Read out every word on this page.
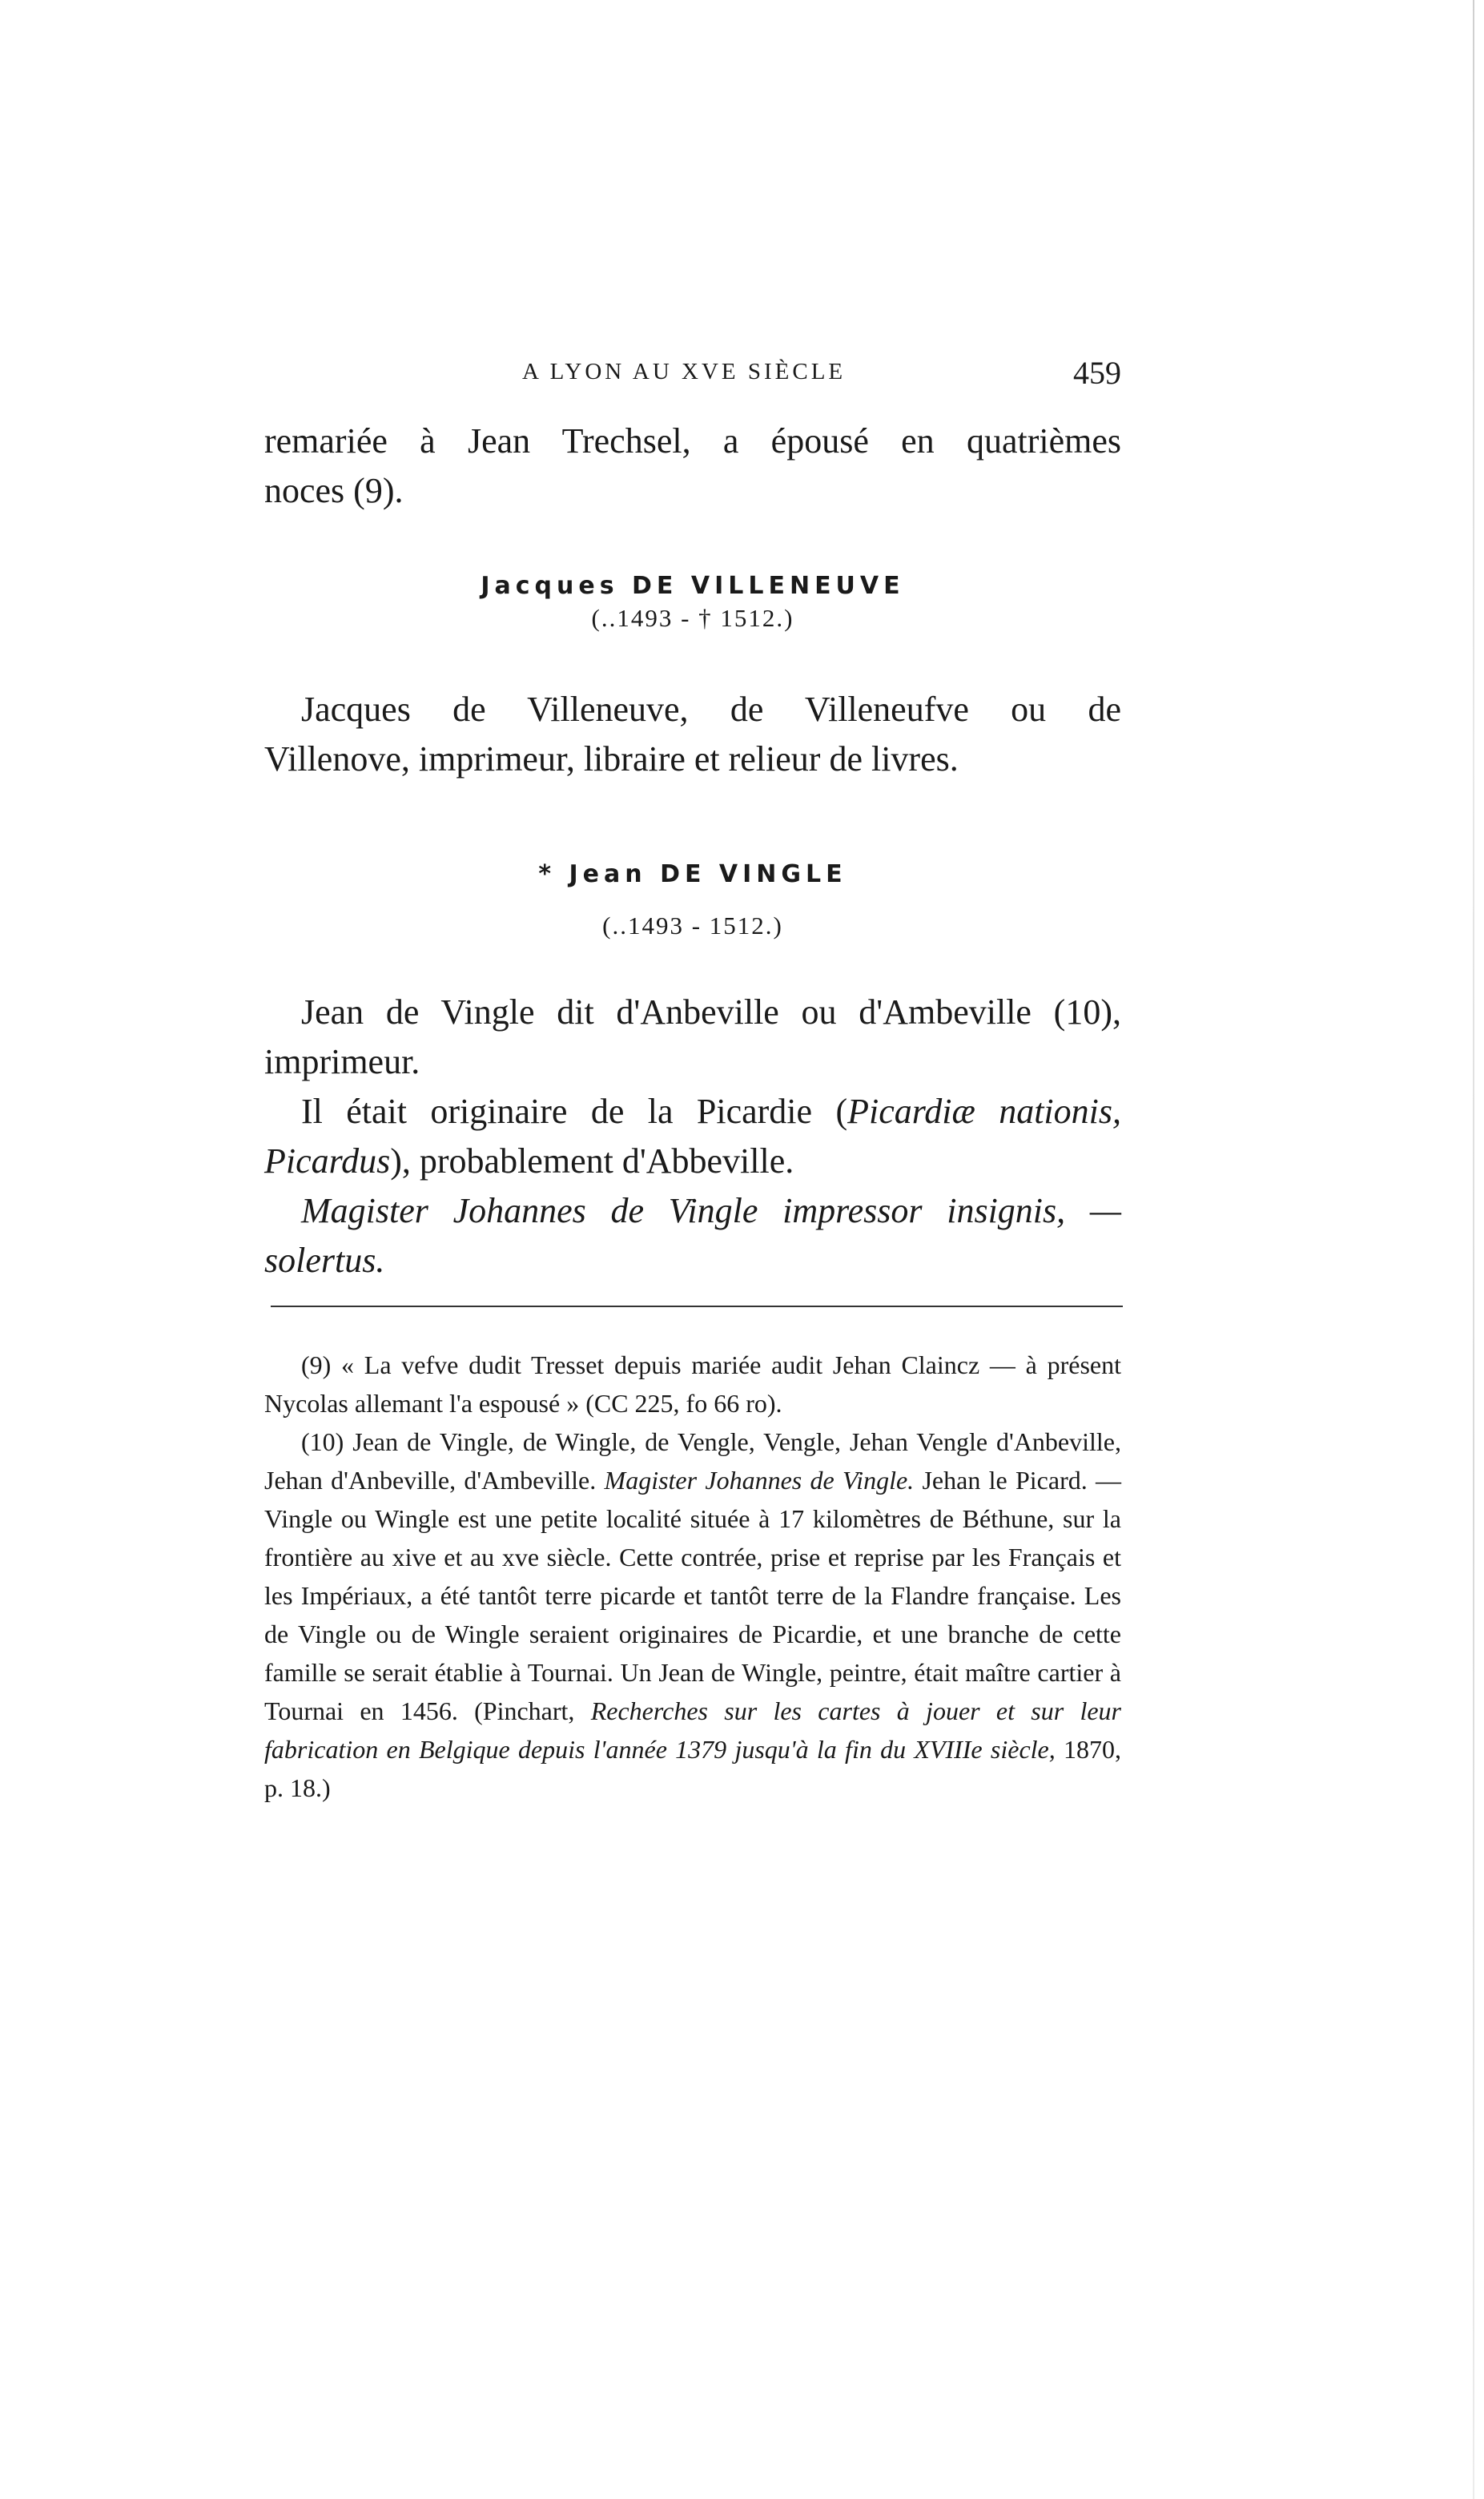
A LYON AU XVE SIÈCLE	459

remariée à Jean Trechsel, a épousé en quatrièmes

noces (9).

Jacques DE VILLENEUVE
(..1493 - † 1512.)

Jacques de Villeneuve, de Villeneufve ou de

Villenove, imprimeur, libraire et relieur de livres.

* Jean DE VINGLE
(..1493 - 1512.)

Jean de Vingle dit d'Anbeville ou d'Ambeville (10),

imprimeur.

Il était originaire de la Picardie (Picardiæ nationis,

Picardus), probablement d'Abbeville.

Magister Johannes de Vingle impressor insignis, —

solertus.

(9) « La vefve dudit Tresset depuis mariée audit Jehan Claincz — à présent Nycolas allemant l'a espousé » (CC 225, fo 66 ro).

(10) Jean de Vingle, de Wingle, de Vengle, Vengle, Jehan Vengle d'Anbeville, Jehan d'Anbeville, d'Ambeville. Magister Johannes de Vingle. Jehan le Picard. — Vingle ou Wingle est une petite localité située à 17 kilomètres de Béthune, sur la frontière au xive et au xve siècle. Cette contrée, prise et reprise par les Français et les Impériaux, a été tantôt terre picarde et tantôt terre de la Flandre française. Les de Vingle ou de Wingle seraient originaires de Picardie, et une branche de cette famille se serait établie à Tournai. Un Jean de Wingle, peintre, était maître cartier à Tournai en 1456. (Pinchart, Recherches sur les cartes à jouer et sur leur fabrication en Belgique depuis l'année 1379 jusqu'à la fin du XVIIIe siècle, 1870, p. 18.)
